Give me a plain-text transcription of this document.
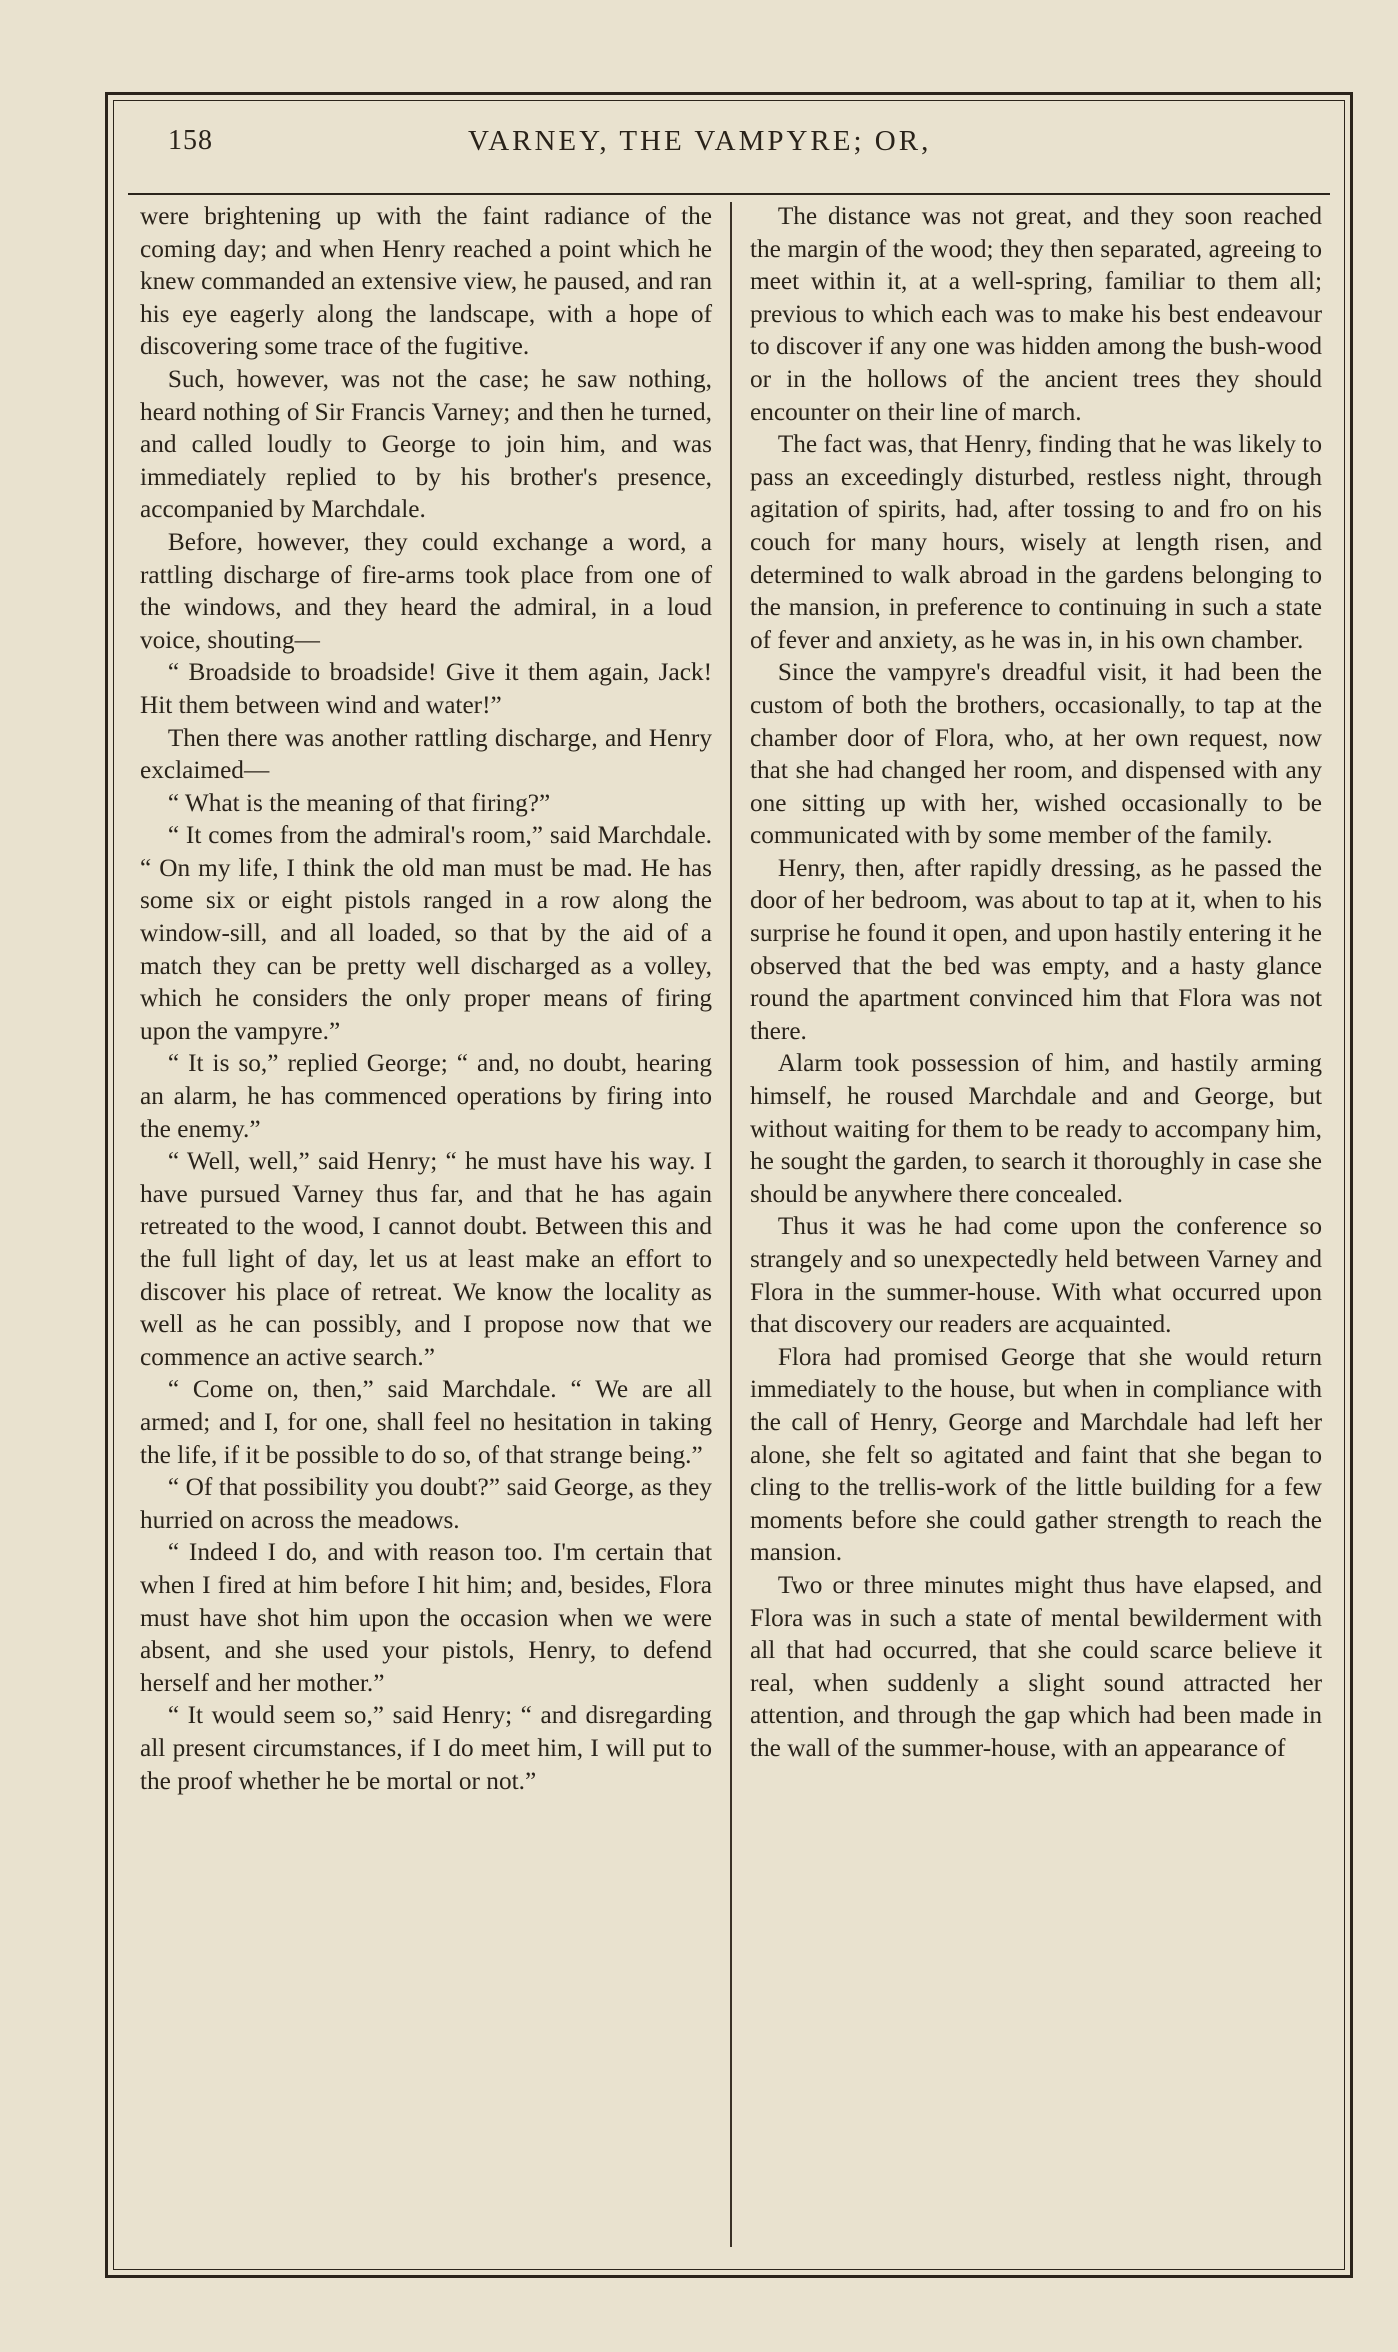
158	VARNEY, THE VAMPYRE; OR,

were brightening up with the faint radiance of the coming day; and when Henry reached a point which he knew commanded an extensive view, he paused, and ran his eye eagerly along the landscape, with a hope of discovering some trace of the fugitive.

Such, however, was not the case; he saw nothing, heard nothing of Sir Francis Varney; and then he turned, and called loudly to George to join him, and was immediately replied to by his brother's presence, accompanied by Marchdale.

Before, however, they could exchange a word, a rattling discharge of fire-arms took place from one of the windows, and they heard the admiral, in a loud voice, shouting—

“ Broadside to broadside! Give it them again, Jack! Hit them between wind and water!”

Then there was another rattling discharge, and Henry exclaimed—

“ What is the meaning of that firing?”

“ It comes from the admiral's room,” said Marchdale. “ On my life, I think the old man must be mad. He has some six or eight pistols ranged in a row along the window-sill, and all loaded, so that by the aid of a match they can be pretty well discharged as a volley, which he considers the only proper means of firing upon the vampyre.”

“ It is so,” replied George; “ and, no doubt, hearing an alarm, he has commenced operations by firing into the enemy.”

“ Well, well,” said Henry; “ he must have his way. I have pursued Varney thus far, and that he has again retreated to the wood, I cannot doubt. Between this and the full light of day, let us at least make an effort to discover his place of retreat. We know the locality as well as he can possibly, and I propose now that we commence an active search.”

“ Come on, then,” said Marchdale. “ We are all armed; and I, for one, shall feel no hesitation in taking the life, if it be possible to do so, of that strange being.”

“ Of that possibility you doubt?” said George, as they hurried on across the meadows.

“ Indeed I do, and with reason too. I'm certain that when I fired at him before I hit him; and, besides, Flora must have shot him upon the occasion when we were absent, and she used your pistols, Henry, to defend herself and her mother.”

“ It would seem so,” said Henry; “ and disregarding all present circumstances, if I do meet him, I will put to the proof whether he be mortal or not.”

The distance was not great, and they soon reached the margin of the wood; they then separated, agreeing to meet within it, at a well-spring, familiar to them all; previous to which each was to make his best endeavour to discover if any one was hidden among the bush-wood or in the hollows of the ancient trees they should encounter on their line of march.

The fact was, that Henry, finding that he was likely to pass an exceedingly disturbed, restless night, through agitation of spirits, had, after tossing to and fro on his couch for many hours, wisely at length risen, and determined to walk abroad in the gardens belonging to the mansion, in preference to continuing in such a state of fever and anxiety, as he was in, in his own chamber.

Since the vampyre's dreadful visit, it had been the custom of both the brothers, occasionally, to tap at the chamber door of Flora, who, at her own request, now that she had changed her room, and dispensed with any one sitting up with her, wished occasionally to be communicated with by some member of the family.

Henry, then, after rapidly dressing, as he passed the door of her bedroom, was about to tap at it, when to his surprise he found it open, and upon hastily entering it he observed that the bed was empty, and a hasty glance round the apartment convinced him that Flora was not there.

Alarm took possession of him, and hastily arming himself, he roused Marchdale and and George, but without waiting for them to be ready to accompany him, he sought the garden, to search it thoroughly in case she should be anywhere there concealed.

Thus it was he had come upon the conference so strangely and so unexpectedly held between Varney and Flora in the summer-house. With what occurred upon that discovery our readers are acquainted.

Flora had promised George that she would return immediately to the house, but when in compliance with the call of Henry, George and Marchdale had left her alone, she felt so agitated and faint that she began to cling to the trellis-work of the little building for a few moments before she could gather strength to reach the mansion.

Two or three minutes might thus have elapsed, and Flora was in such a state of mental bewilderment with all that had occurred, that she could scarce believe it real, when suddenly a slight sound attracted her attention, and through the gap which had been made in the wall of the summer-house, with an appearance of
